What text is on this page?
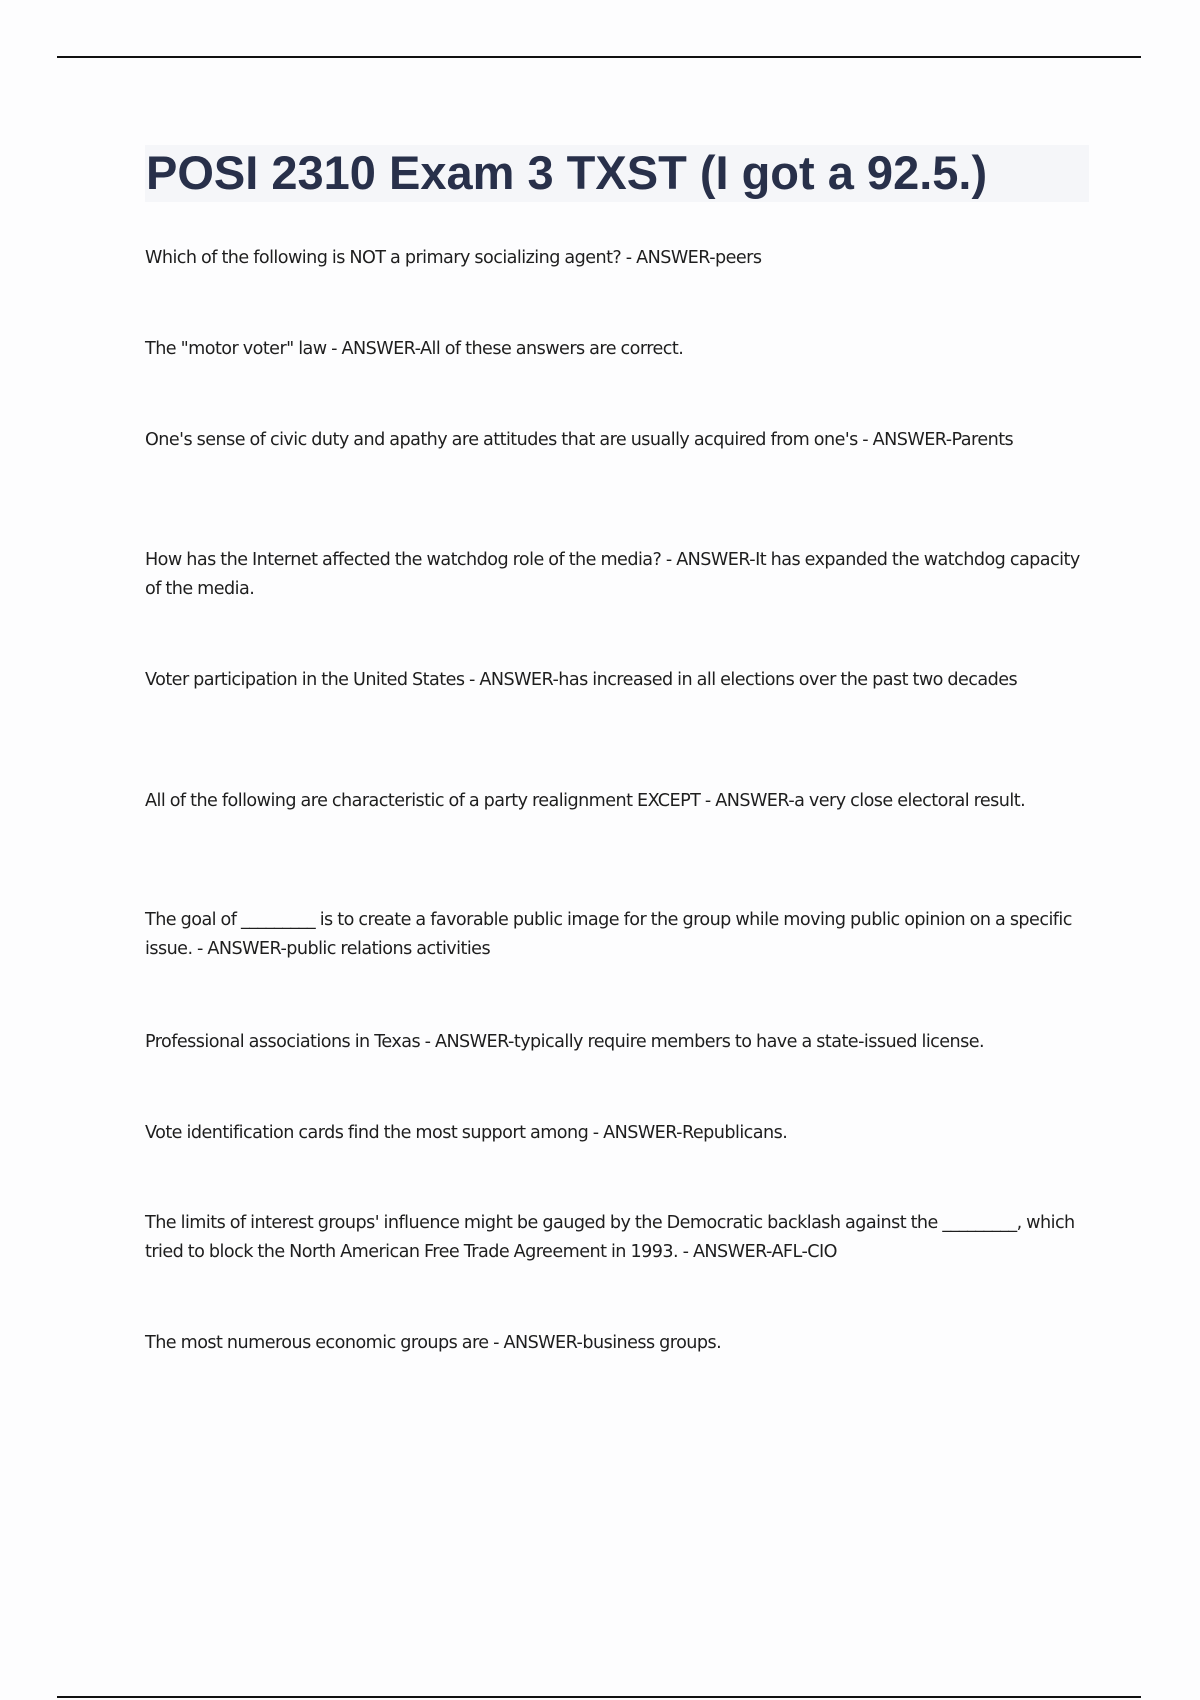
POSI 2310 Exam 3 TXST (I got a 92.5.)

Which of the following is NOT a primary socializing agent? - ANSWER-peers

The "motor voter" law - ANSWER-All of these answers are correct.

One's sense of civic duty and apathy are attitudes that are usually acquired from one's - ANSWER-Parents

How has the Internet affected the watchdog role of the media? - ANSWER-It has expanded the watchdog capacity of the media.

Voter participation in the United States - ANSWER-has increased in all elections over the past two decades

All of the following are characteristic of a party realignment EXCEPT - ANSWER-a very close electoral result.

The goal of _________ is to create a favorable public image for the group while moving public opinion on a specific issue. - ANSWER-public relations activities

Professional associations in Texas - ANSWER-typically require members to have a state-issued license.

Vote identification cards find the most support among - ANSWER-Republicans.

The limits of interest groups' influence might be gauged by the Democratic backlash against the _________, which tried to block the North American Free Trade Agreement in 1993. - ANSWER-AFL-CIO

The most numerous economic groups are - ANSWER-business groups.
